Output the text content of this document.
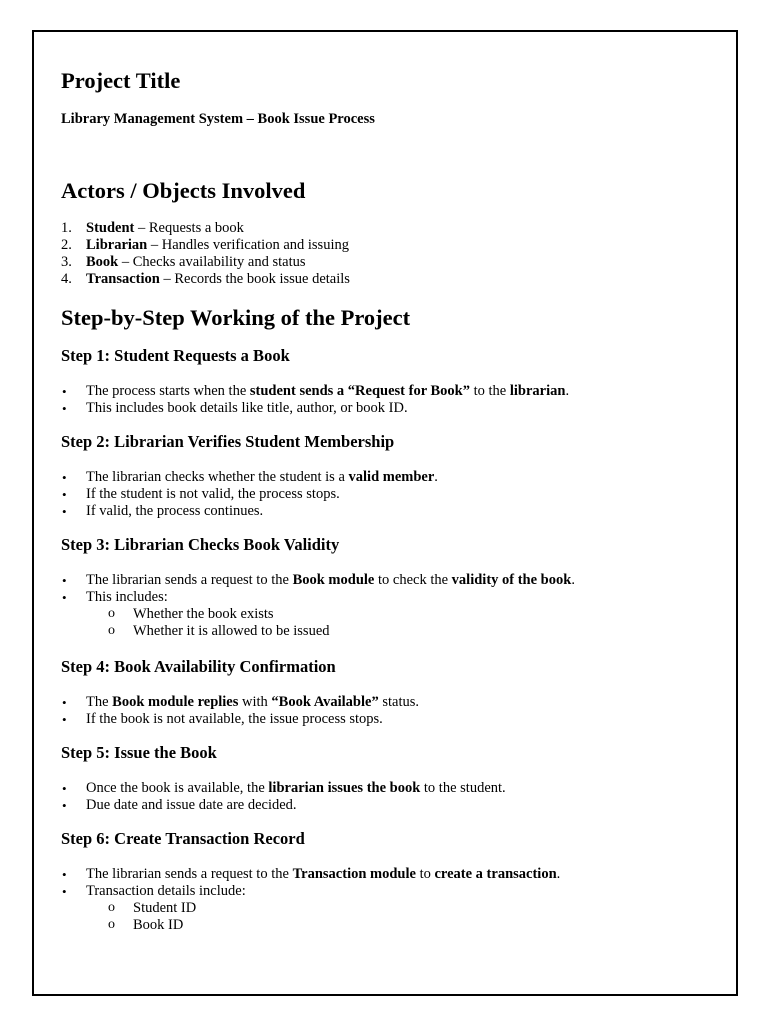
Project Title
Library Management System – Book Issue Process
Actors / Objects Involved
1. Student – Requests a book
2. Librarian – Handles verification and issuing
3. Book – Checks availability and status
4. Transaction – Records the book issue details
Step-by-Step Working of the Project
Step 1: Student Requests a Book
• The process starts when the student sends a “Request for Book” to the librarian.
• This includes book details like title, author, or book ID.
Step 2: Librarian Verifies Student Membership
• The librarian checks whether the student is a valid member.
• If the student is not valid, the process stops.
• If valid, the process continues.
Step 3: Librarian Checks Book Validity
• The librarian sends a request to the Book module to check the validity of the book.
• This includes:
o Whether the book exists
o Whether it is allowed to be issued
Step 4: Book Availability Confirmation
• The Book module replies with “Book Available” status.
• If the book is not available, the issue process stops.
Step 5: Issue the Book
• Once the book is available, the librarian issues the book to the student.
• Due date and issue date are decided.
Step 6: Create Transaction Record
• The librarian sends a request to the Transaction module to create a transaction.
• Transaction details include:
o Student ID
o Book ID
